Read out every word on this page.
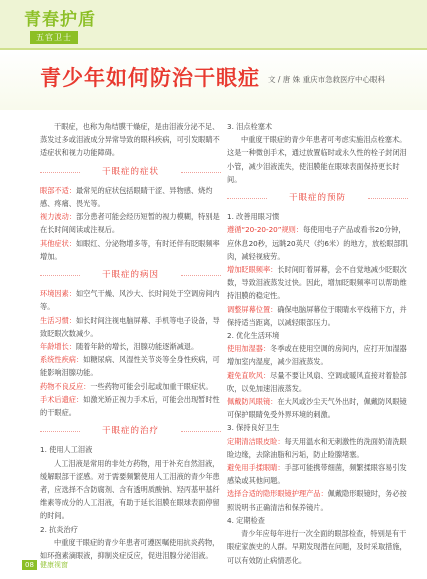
青春护盾
五官卫士
青少年如何防治干眼症 文 / 唐 姝 重庆市急救医疗中心眼科

干眼症，也称为角结膜干燥症，是由泪液分泌不足、蒸发过多或泪液成分异常导致的眼科疾病，可引发眼睛不适症状和视力功能障碍。

干眼症的症状

眼部不适：最常见的症状包括眼睛干涩、异物感、烧灼感、疼痛、畏光等。

视力波动：部分患者可能会经历短暂的视力模糊，特别是在长时间阅读或注视后。

其他症状：如眼红、分泌物增多等，有时还伴有眨眼频率增加。

干眼症的病因

环境因素：如空气干燥、风沙大、长时间处于空调房间内等。

生活习惯：如长时间注视电脑屏幕、手机等电子设备，导致眨眼次数减少。

年龄增长：随着年龄的增长，泪腺功能逐渐减退。

系统性疾病：如糖尿病、风湿性关节炎等全身性疾病，可能影响泪腺功能。

药物不良反应：一些药物可能会引起或加重干眼症状。

手术后遗症：如激光矫正视力手术后，可能会出现暂时性的干眼症。

干眼症的治疗

1. 使用人工泪液

人工泪液是常用的非处方药物，用于补充自然泪液，缓解眼部干涩感。对于需要频繁使用人工泪液的青少年患者，应选择不含防腐剂、含有透明质酸钠、羟丙基甲基纤维素等成分的人工泪液，有助于延长泪膜在眼球表面停留的时间。

2. 抗炎治疗

中重度干眼症的青少年患者可遵医嘱使用抗炎药物，如环孢素滴眼液，抑制炎症反应，促进泪腺分泌泪液。

3. 泪点栓塞术

中重度干眼症的青少年患者可考虑实施泪点栓塞术。这是一种微创手术，通过放置临时或永久性的栓子封闭泪小管，减少泪液流失，使泪膜能在眼球表面保持更长时间。

干眼症的预防

1. 改善用眼习惯

遵循“20-20-20”规则：每使用电子产品或看书20分钟，应休息20秒，远眺20英尺（约6米）的地方，放松眼部肌肉，减轻视疲劳。

增加眨眼频率：长时间盯着屏幕，会不自觉地减少眨眼次数，导致泪液蒸发过快。因此，增加眨眼频率可以帮助维持泪膜的稳定性。

调整屏幕位置：确保电脑屏幕位于眼睛水平线稍下方，并保持适当距离，以减轻眼部压力。

2. 优化生活环境

使用加湿器：冬季或在使用空调的房间内，应打开加湿器增加室内湿度，减少泪液蒸发。

避免直吹风：尽量不要让风扇、空调或暖风直接对着脸部吹，以免加速泪液蒸发。

佩戴防风眼镜：在大风或沙尘天气外出时，佩戴防风眼镜可保护眼睛免受外界环境的刺激。

3. 保持良好卫生

定期清洁眼皮睑：每天用温水和无刺激性的洗面奶清洗眼睑边缘，去除油脂和污垢，防止睑腺堵塞。

避免用手揉眼睛：手部可能携带细菌，频繁揉眼容易引发感染或其他问题。

选择合适的隐形眼镜护理产品：佩戴隐形眼镜时，务必按照说明书正确清洁和保养镜片。

4. 定期检查

青少年应每年进行一次全面的眼部检查，特别是有干眼症家族史的人群。早期发现潜在问题，及时采取措施，可以有效防止病情恶化。

08 健康视窗
